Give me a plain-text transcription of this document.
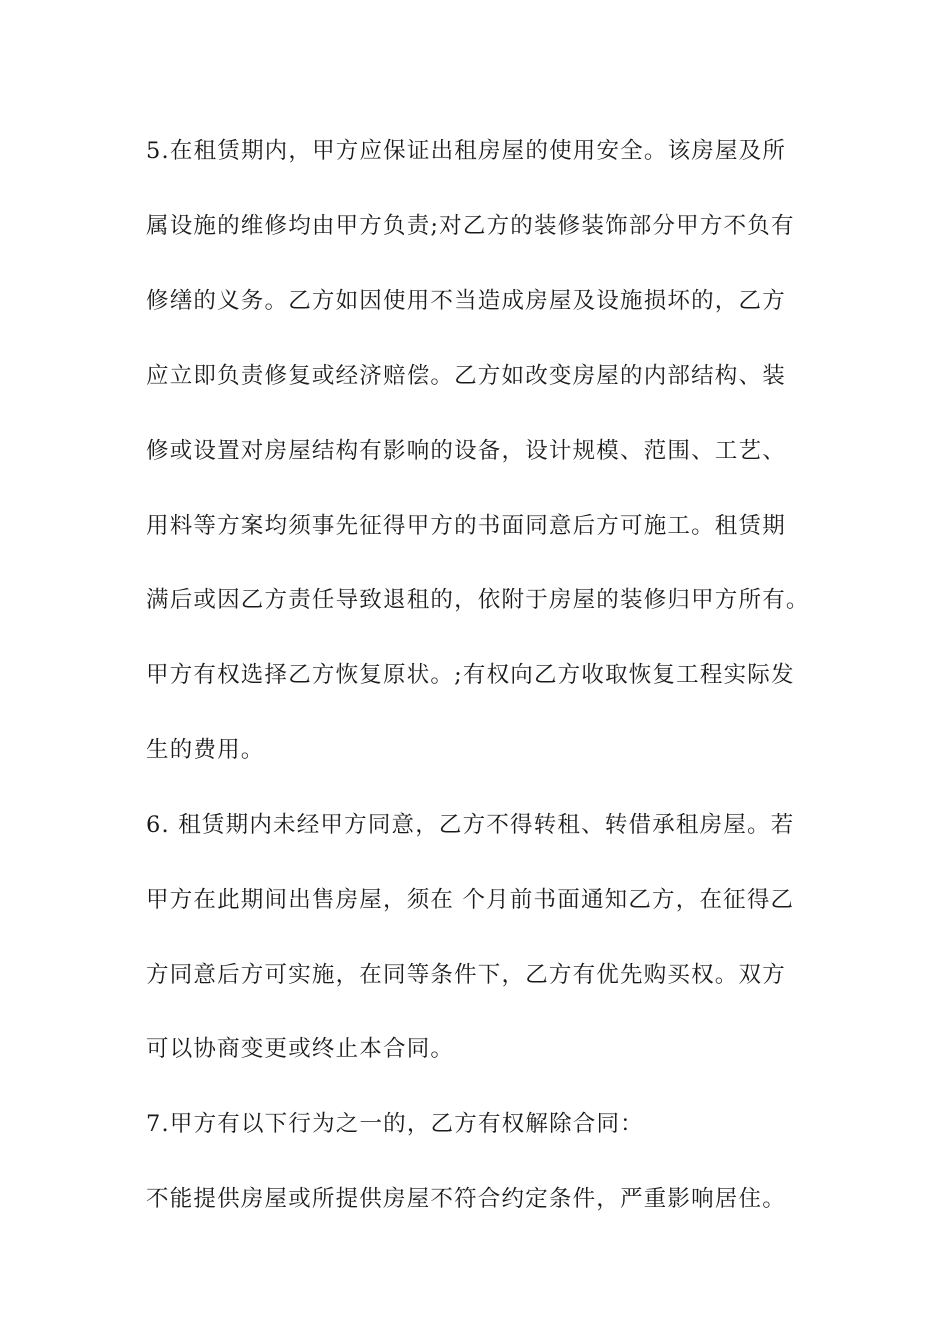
5.在租赁期内，甲方应保证出租房屋的使用安全。该房屋及所
属设施的维修均由甲方负责;对乙方的装修装饰部分甲方不负有
修缮的义务。乙方如因使用不当造成房屋及设施损坏的，乙方
应立即负责修复或经济赔偿。乙方如改变房屋的内部结构、装
修或设置对房屋结构有影响的设备，设计规模、范围、工艺、
用料等方案均须事先征得甲方的书面同意后方可施工。租赁期
满后或因乙方责任导致退租的，依附于房屋的装修归甲方所有。
甲方有权选择乙方恢复原状。;有权向乙方收取恢复工程实际发
生的费用。
6. 租赁期内未经甲方同意，乙方不得转租、转借承租房屋。若
甲方在此期间出售房屋，须在 个月前书面通知乙方，在征得乙
方同意后方可实施，在同等条件下，乙方有优先购买权。双方
可以协商变更或终止本合同。
7.甲方有以下行为之一的，乙方有权解除合同：
不能提供房屋或所提供房屋不符合约定条件，严重影响居住。
